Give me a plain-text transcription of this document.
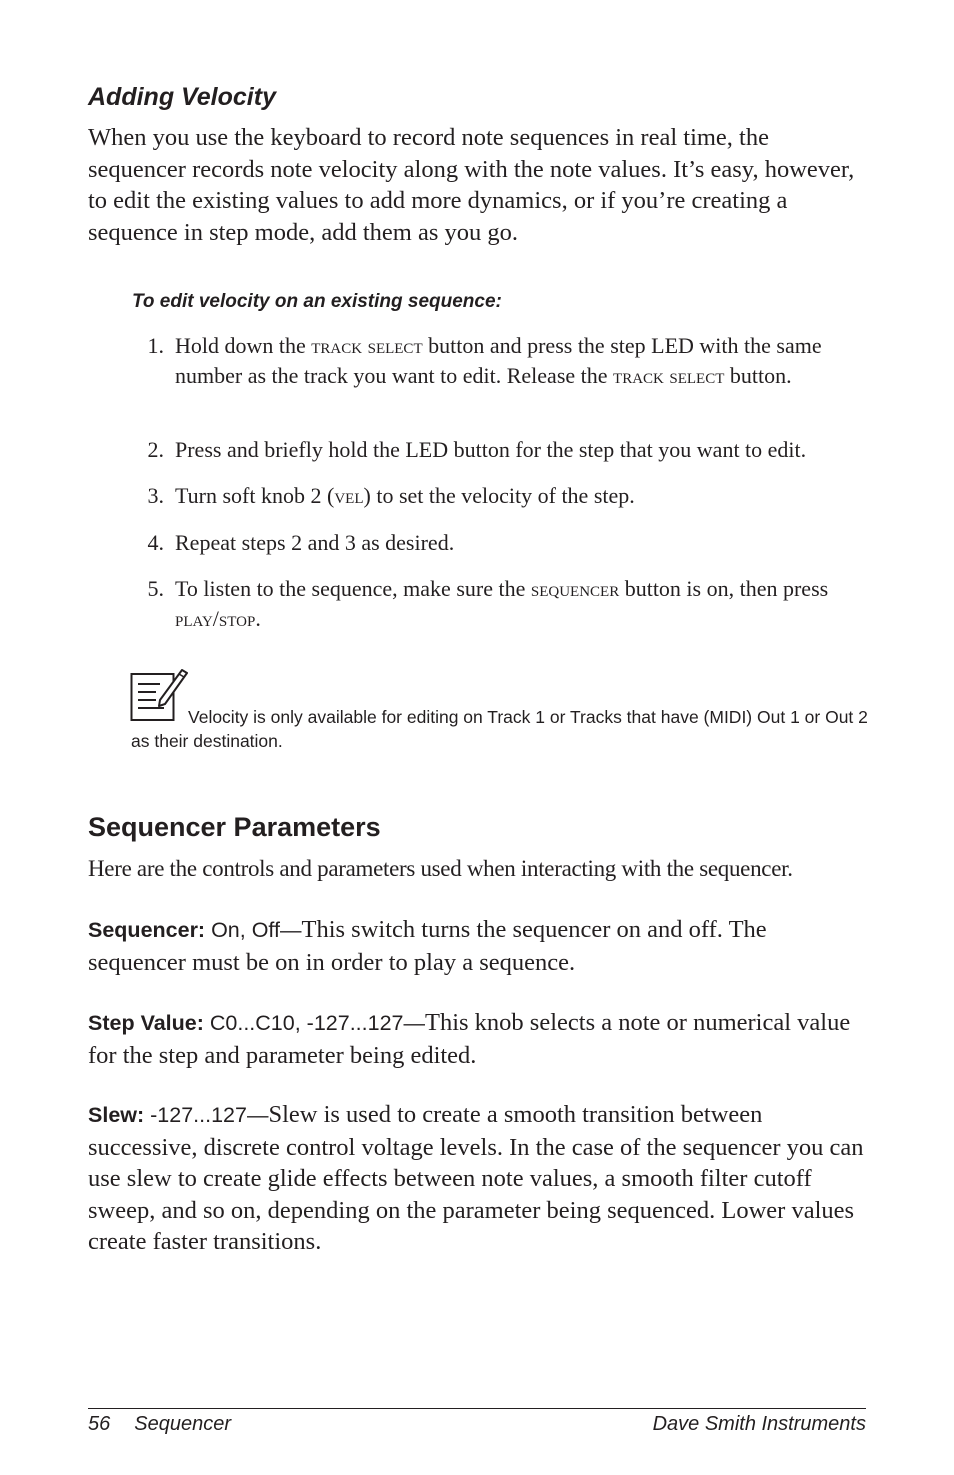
Adding Velocity

When you use the keyboard to record note sequences in real time, the sequencer records note velocity along with the note values. It’s easy, however, to edit the existing values to add more dynamics, or if you’re creating a sequence in step mode, add them as you go.

To edit velocity on an existing sequence:

1. Hold down the track select button and press the step LED with the same number as the track you want to edit. Release the track select button.
2. Press and briefly hold the LED button for the step that you want to edit.
3. Turn soft knob 2 (vel) to set the velocity of the step.
4. Repeat steps 2 and 3 as desired.
5. To listen to the sequence, make sure the sequencer button is on, then press play/stop.

Velocity is only available for editing on Track 1 or Tracks that have (MIDI) Out 1 or Out 2 as their destination.

Sequencer Parameters

Here are the controls and parameters used when interacting with the sequencer.

Sequencer: On, Off—This switch turns the sequencer on and off. The sequencer must be on in order to play a sequence.

Step Value: C0...C10, -127...127—This knob selects a note or numerical value for the step and parameter being edited.

Slew: -127...127—Slew is used to create a smooth transition between successive, discrete control voltage levels. In the case of the sequencer you can use slew to create glide effects between note values, a smooth filter cutoff sweep, and so on, depending on the parameter being sequenced. Lower values create faster transitions.

56 Sequencer	Dave Smith Instruments
